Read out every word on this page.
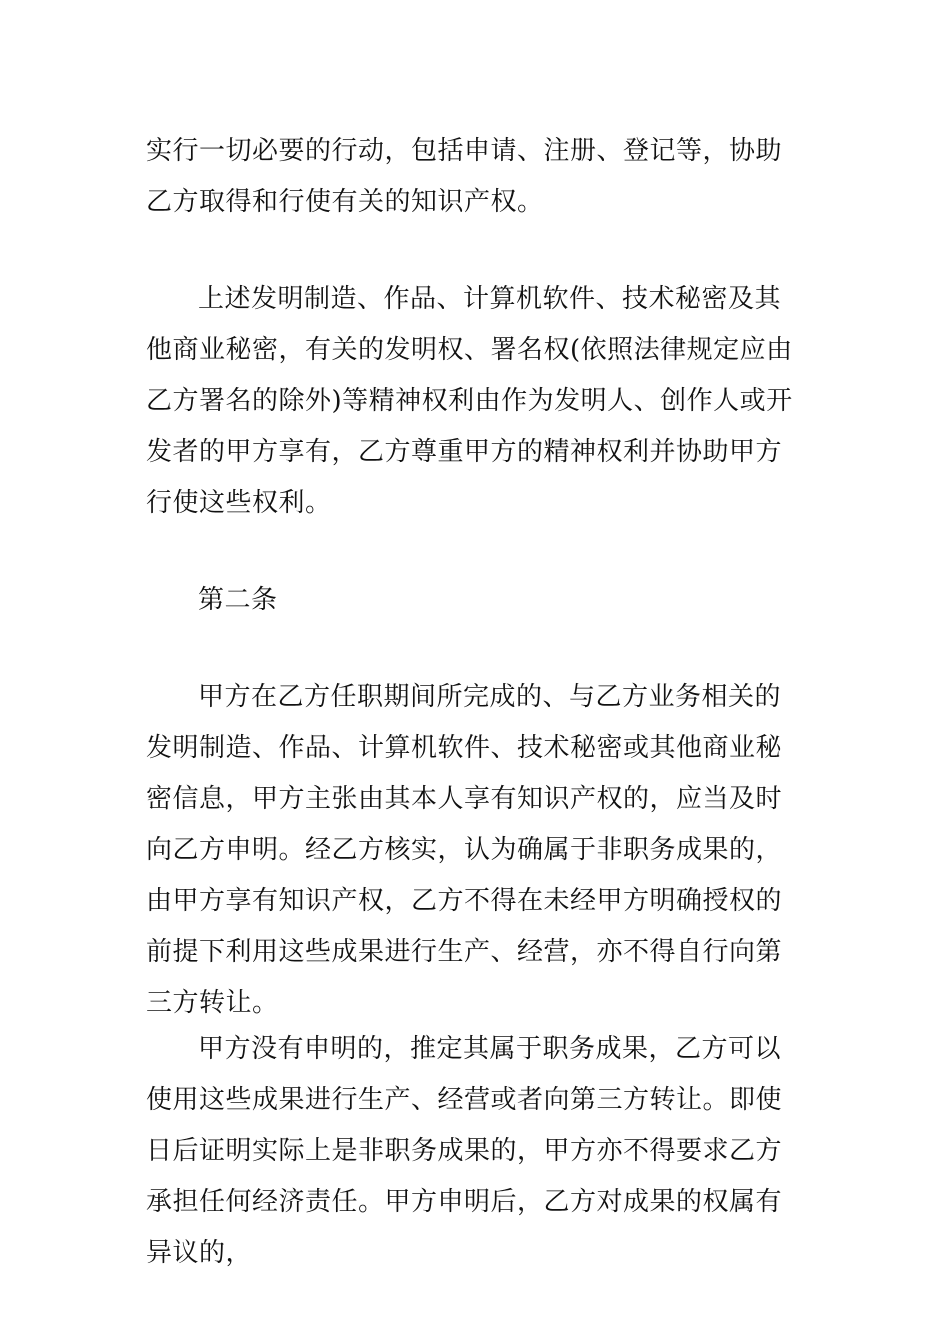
实行一切必要的行动，包括申请、注册、登记等，协助乙方取得和行使有关的知识产权。

上述发明制造、作品、计算机软件、技术秘密及其他商业秘密，有关的发明权、署名权(依照法律规定应由乙方署名的除外)等精神权利由作为发明人、创作人或开发者的甲方享有，乙方尊重甲方的精神权利并协助甲方行使这些权利。

第二条

甲方在乙方任职期间所完成的、与乙方业务相关的发明制造、作品、计算机软件、技术秘密或其他商业秘密信息，甲方主张由其本人享有知识产权的，应当及时向乙方申明。经乙方核实，认为确属于非职务成果的，由甲方享有知识产权，乙方不得在未经甲方明确授权的前提下利用这些成果进行生产、经营，亦不得自行向第三方转让。

甲方没有申明的，推定其属于职务成果，乙方可以使用这些成果进行生产、经营或者向第三方转让。即使日后证明实际上是非职务成果的，甲方亦不得要求乙方承担任何经济责任。甲方申明后，乙方对成果的权属有异议的，
